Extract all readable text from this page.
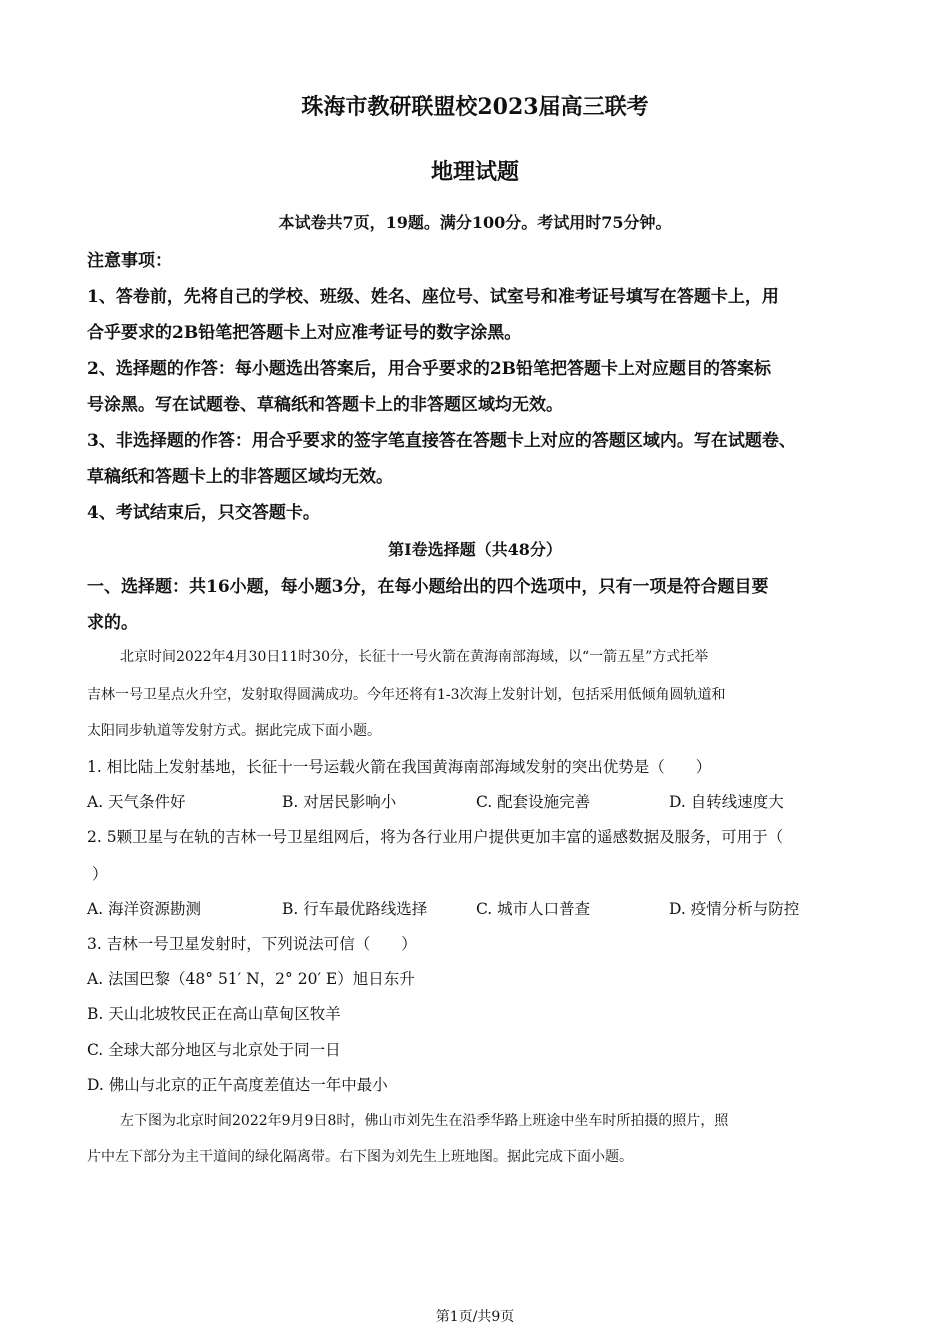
珠海市教研联盟校2023届高三联考
地理试题
本试卷共7页，19题。满分100分。考试用时75分钟。
注意事项：
1、答卷前，先将自己的学校、班级、姓名、座位号、试室号和准考证号填写在答题卡上，用
合乎要求的2B铅笔把答题卡上对应准考证号的数字涂黑。
2、选择题的作答：每小题选出答案后，用合乎要求的2B铅笔把答题卡上对应题目的答案标
号涂黑。写在试题卷、草稿纸和答题卡上的非答题区域均无效。
3、非选择题的作答：用合乎要求的签字笔直接答在答题卡上对应的答题区域内。写在试题卷、
草稿纸和答题卡上的非答题区域均无效。
4、考试结束后，只交答题卡。
第Ⅰ卷选择题（共48分）
一、选择题：共16小题，每小题3分，在每小题给出的四个选项中，只有一项是符合题目要
求的。
北京时间2022年4月30日11时30分，长征十一号火箭在黄海南部海域，以“一箭五星”方式托举
吉林一号卫星点火升空，发射取得圆满成功。今年还将有1-3次海上发射计划，包括采用低倾角圆轨道和
太阳同步轨道等发射方式。据此完成下面小题。
1. 相比陆上发射基地，长征十一号运载火箭在我国黄海南部海域发射的突出优势是（　　）
A. 天气条件好	B. 对居民影响小	C. 配套设施完善	D. 自转线速度大
2. 5颗卫星与在轨的吉林一号卫星组网后，将为各行业用户提供更加丰富的遥感数据及服务，可用于（
）
A. 海洋资源勘测	B. 行车最优路线选择	C. 城市人口普查	D. 疫情分析与防控
3. 吉林一号卫星发射时，下列说法可信（　　）
A. 法国巴黎（48° 51′ N，2° 20′ E）旭日东升
B. 天山北坡牧民正在高山草甸区牧羊
C. 全球大部分地区与北京处于同一日
D. 佛山与北京的正午高度差值达一年中最小
左下图为北京时间2022年9月9日8时，佛山市刘先生在沿季华路上班途中坐车时所拍摄的照片，照
片中左下部分为主干道间的绿化隔离带。右下图为刘先生上班地图。据此完成下面小题。
第1页/共9页
